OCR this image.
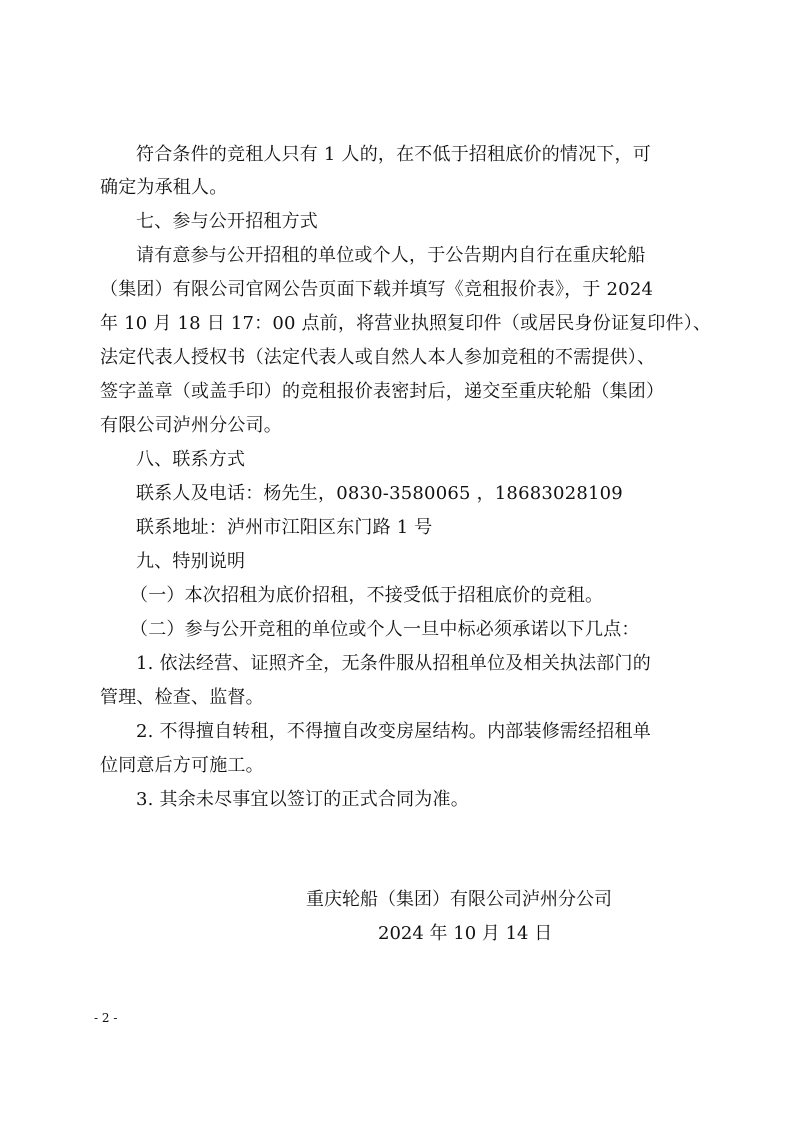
符合条件的竞租人只有 1 人的，在不低于招租底价的情况下，可
确定为承租人。
七、参与公开招租方式
请有意参与公开招租的单位或个人，于公告期内自行在重庆轮船
（集团）有限公司官网公告页面下载并填写《竞租报价表》，于 2024
年 10 月 18 日 17：00 点前，将营业执照复印件（或居民身份证复印件）、
法定代表人授权书（法定代表人或自然人本人参加竞租的不需提供）、
签字盖章（或盖手印）的竞租报价表密封后，递交至重庆轮船（集团）
有限公司泸州分公司。
八、联系方式
联系人及电话：杨先生，0830-3580065 ，18683028109
联系地址：泸州市江阳区东门路 1 号
九、特别说明
（一）本次招租为底价招租，不接受低于招租底价的竞租。
（二）参与公开竞租的单位或个人一旦中标必须承诺以下几点：
1. 依法经营、证照齐全，无条件服从招租单位及相关执法部门的
管理、检查、监督。
2. 不得擅自转租，不得擅自改变房屋结构。内部装修需经招租单
位同意后方可施工。
3. 其余未尽事宜以签订的正式合同为准。
重庆轮船（集团）有限公司泸州分公司
2024 年 10 月 14 日
- 2 -
